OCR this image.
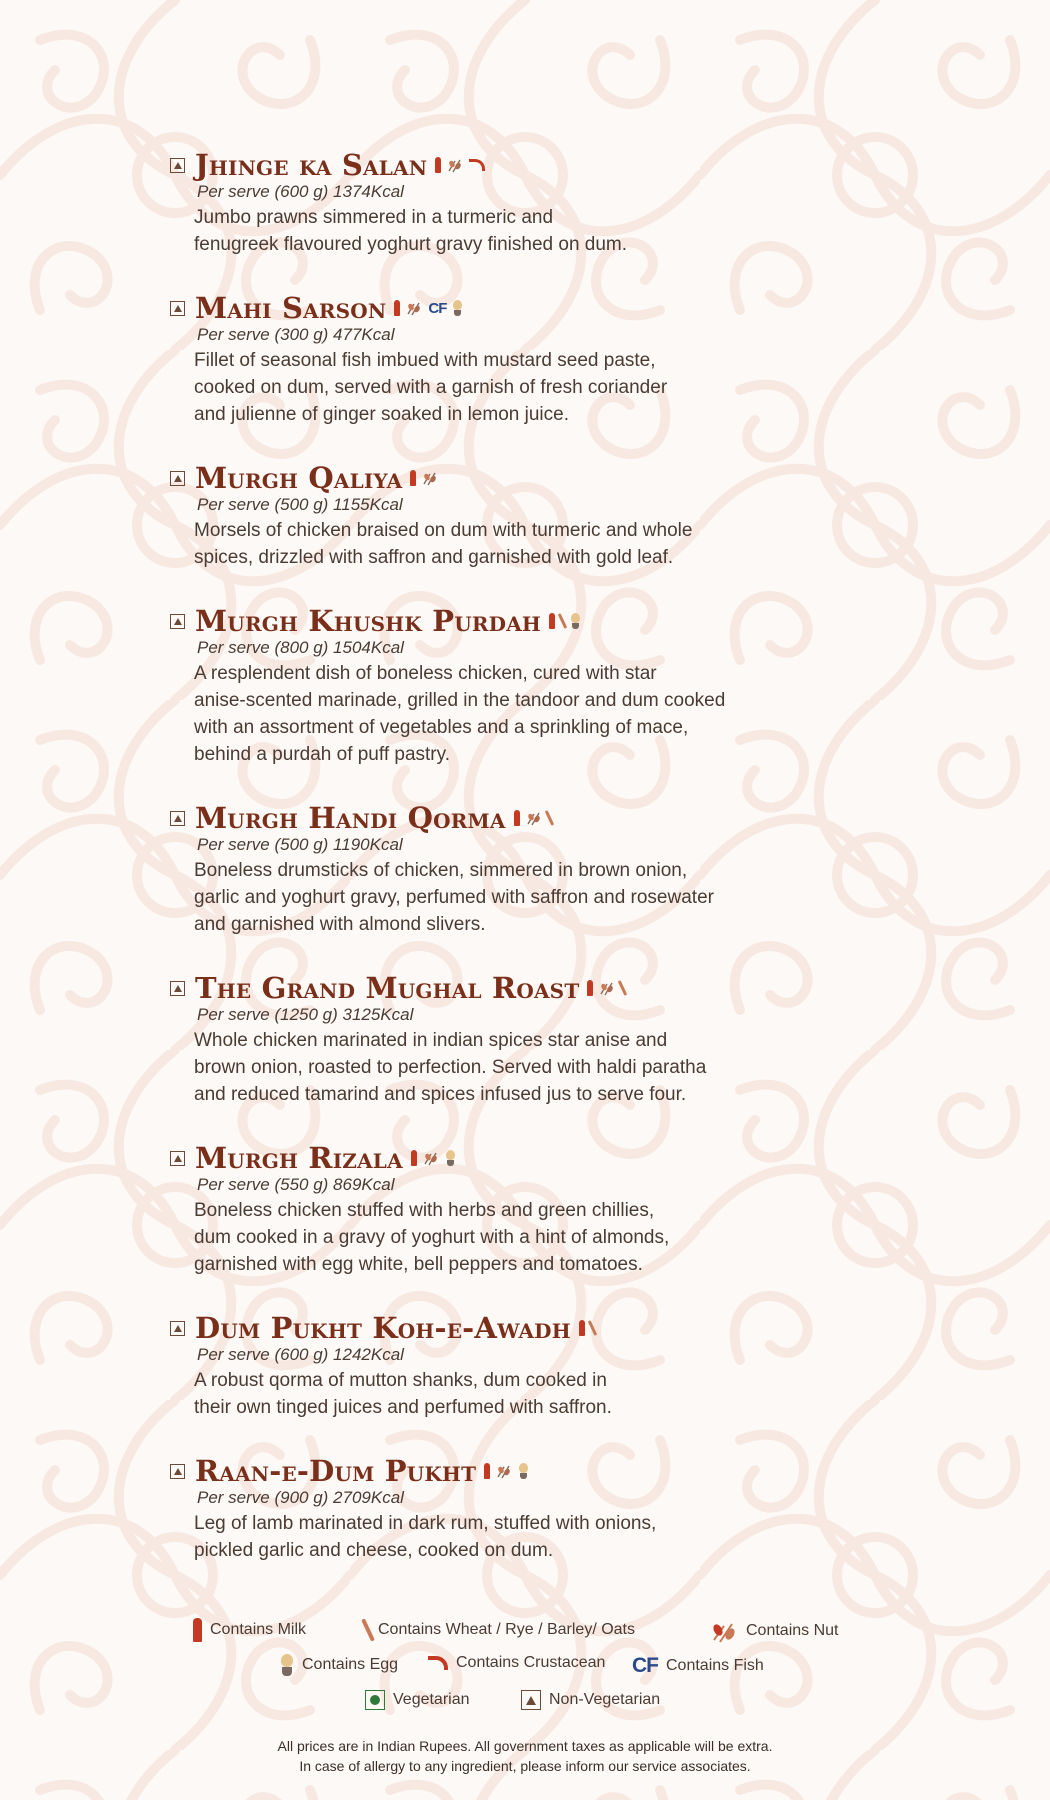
Jhinge ka Salan
Per serve (600 g) 1374Kcal
Jumbo prawns simmered in a turmeric and
fenugreek flavoured yoghurt gravy finished on dum.
Mahi Sarson	CF
Per serve (300 g) 477Kcal
Fillet of seasonal fish imbued with mustard seed paste,
cooked on dum, served with a garnish of fresh coriander
and julienne of ginger soaked in lemon juice.
Murgh Qaliya
Per serve (500 g) 1155Kcal
Morsels of chicken braised on dum with turmeric and whole
spices, drizzled with saffron and garnished with gold leaf.
Murgh Khushk Purdah
Per serve (800 g) 1504Kcal
A resplendent dish of boneless chicken, cured with star
anise-scented marinade, grilled in the tandoor and dum cooked
with an assortment of vegetables and a sprinkling of mace,
behind a purdah of puff pastry.
Murgh Handi Qorma
Per serve (500 g) 1190Kcal
Boneless drumsticks of chicken, simmered in brown onion,
garlic and yoghurt gravy, perfumed with saffron and rosewater
and garnished with almond slivers.
The Grand Mughal Roast
Per serve (1250 g) 3125Kcal
Whole chicken marinated in indian spices star anise and
brown onion, roasted to perfection. Served with haldi paratha
and reduced tamarind and spices infused jus to serve four.
Murgh Rizala
Per serve (550 g) 869Kcal
Boneless chicken stuffed with herbs and green chillies,
dum cooked in a gravy of yoghurt with a hint of almonds,
garnished with egg white, bell peppers and tomatoes.
Dum Pukht Koh-e-Awadh
Per serve (600 g) 1242Kcal
A robust qorma of mutton shanks, dum cooked in
their own tinged juices and perfumed with saffron.
Raan-e-Dum Pukht
Per serve (900 g) 2709Kcal
Leg of lamb marinated in dark rum, stuffed with onions,
pickled garlic and cheese, cooked on dum.
Contains Milk	Contains Wheat / Rye / Barley/ Oats	Contains Nut
Contains Egg	Contains Crustacean CF Contains Fish
Vegetarian	Non-Vegetarian
All prices are in Indian Rupees. All government taxes as applicable will be extra.
In case of allergy to any ingredient, please inform our service associates.
